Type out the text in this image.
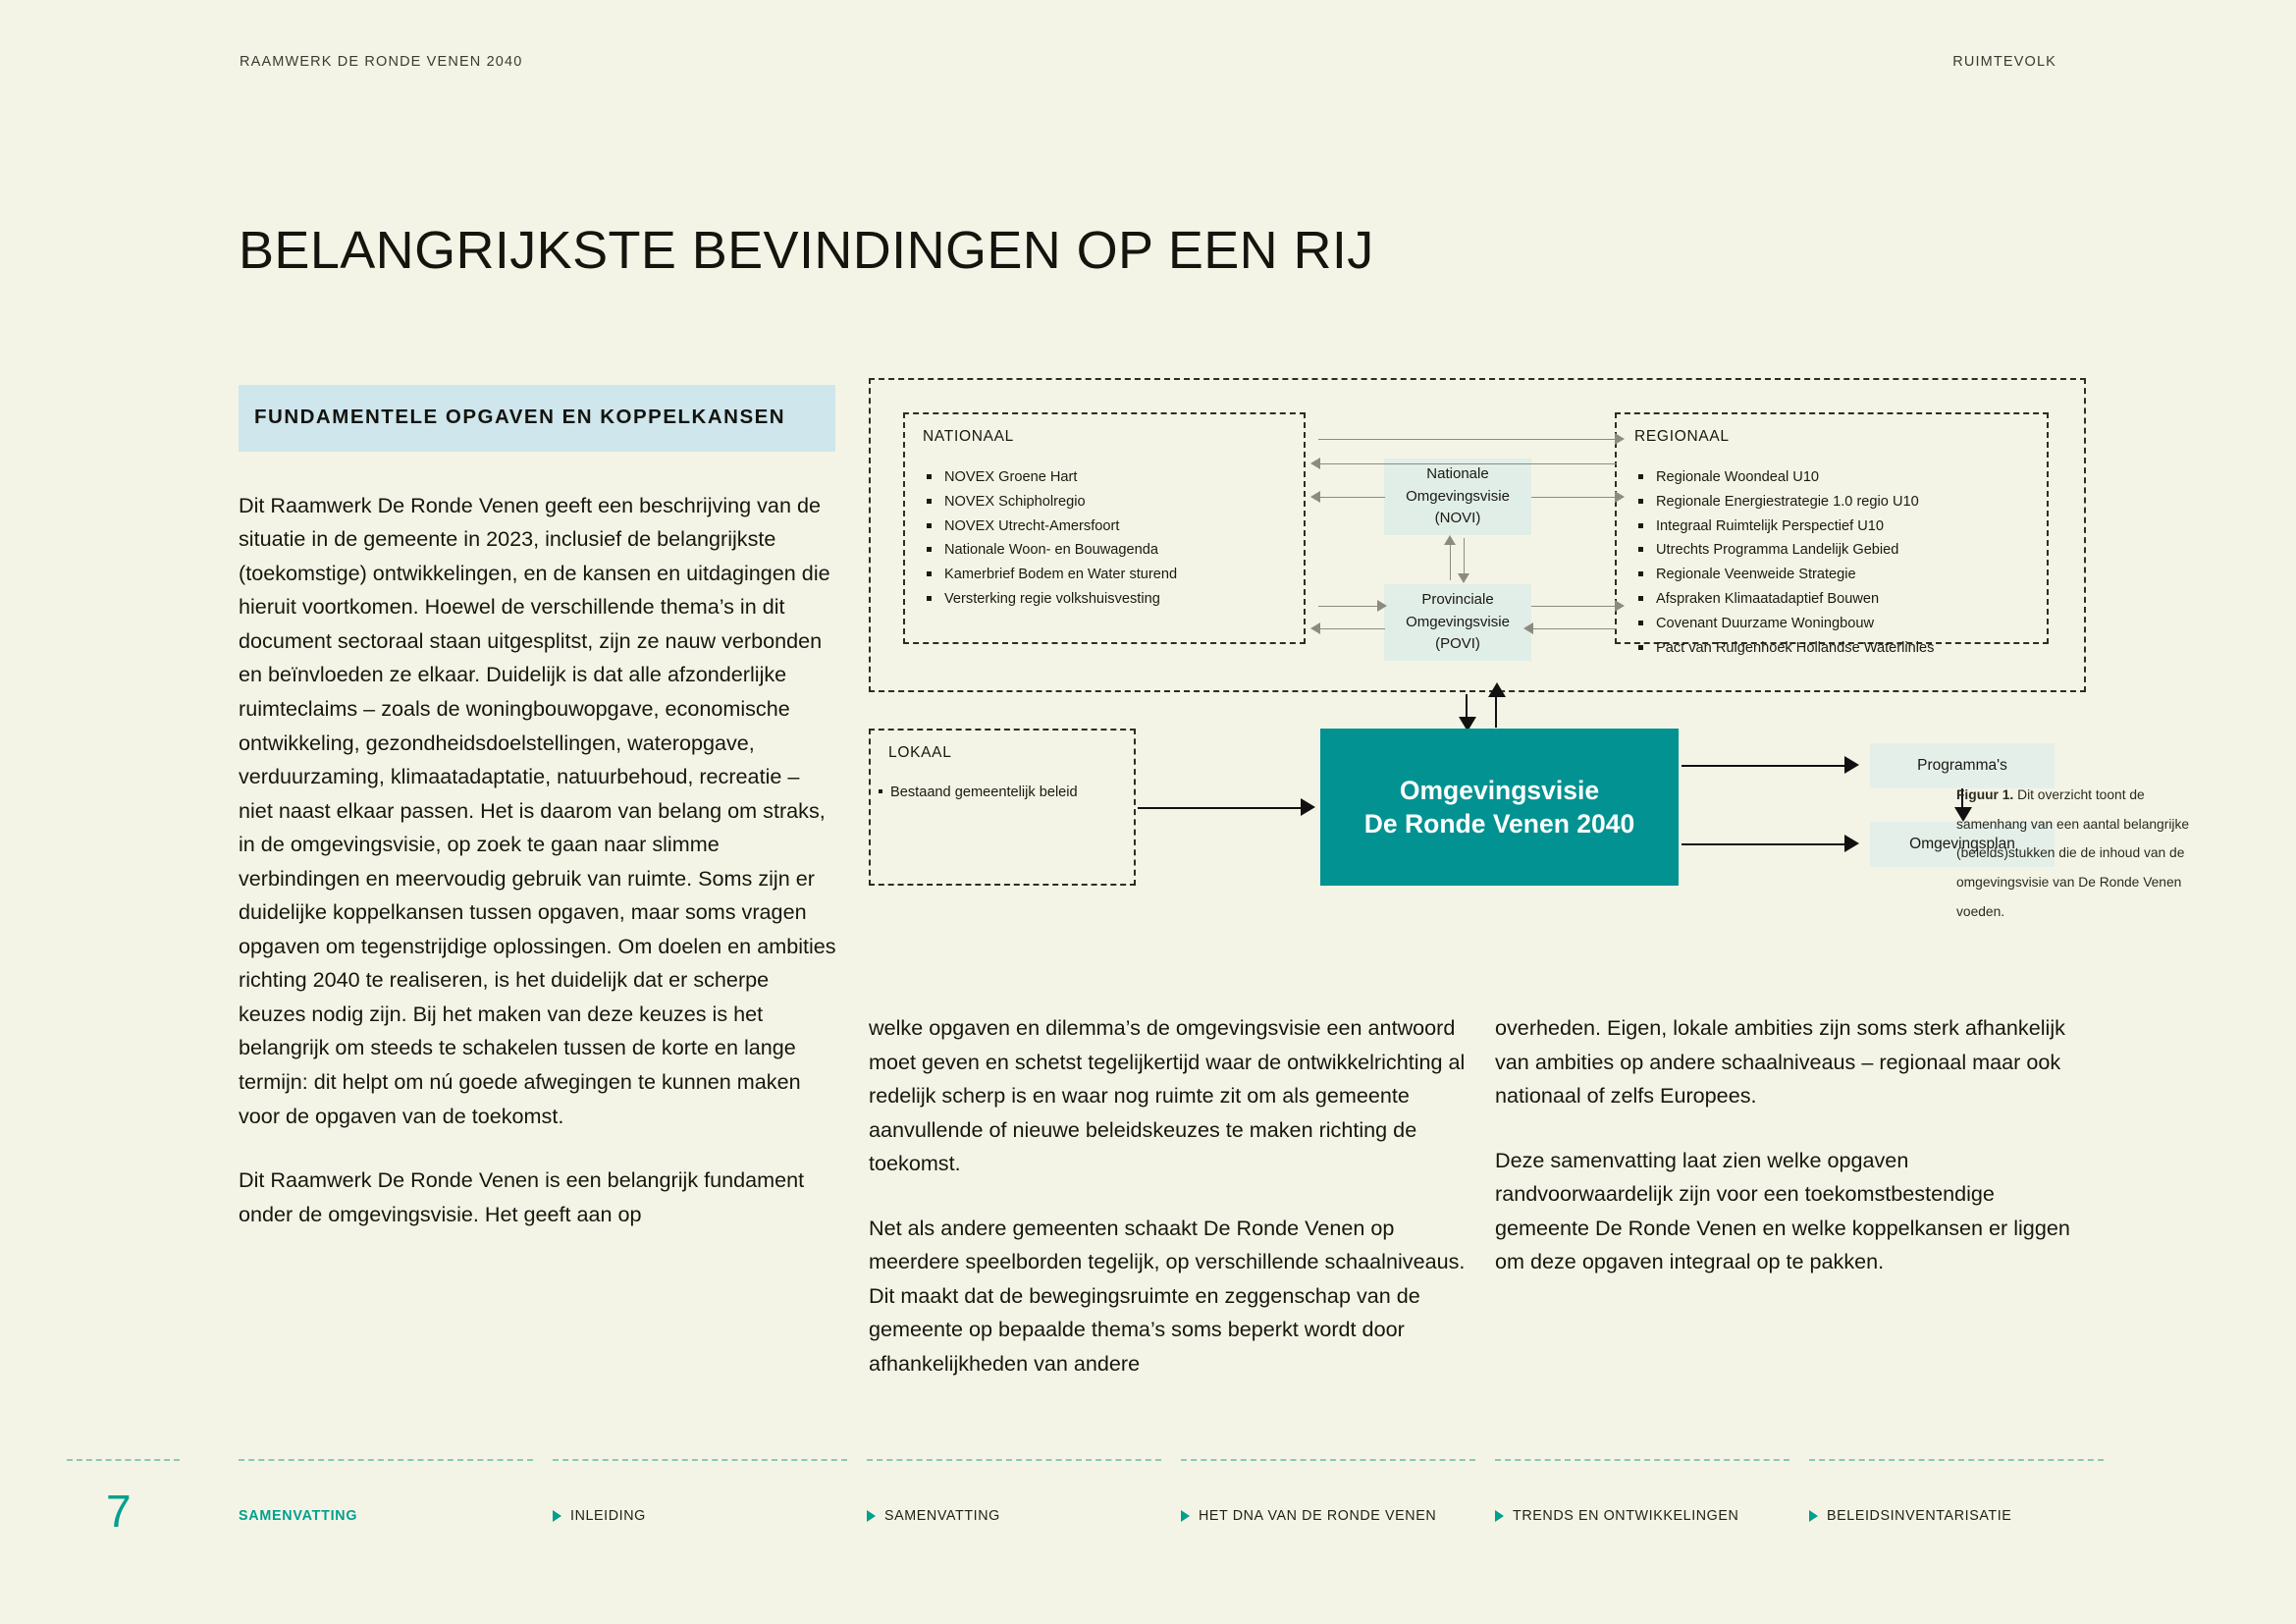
RAAMWERK DE RONDE VENEN 2040	RUIMTEVOLK
BELANGRIJKSTE BEVINDINGEN OP EEN RIJ
FUNDAMENTELE OPGAVEN EN KOPPELKANSEN

Dit Raamwerk De Ronde Venen geeft een beschrijving van de situatie in de gemeente in 2023, inclusief de belangrijkste (toekomstige) ontwikkelingen, en de kansen en uitdagingen die hieruit voortkomen. Hoewel de verschillende thema’s in dit document sectoraal staan uitgesplitst, zijn ze nauw verbonden en beïnvloeden ze elkaar. Duidelijk is dat alle afzonderlijke ruimteclaims – zoals de woningbouwopgave, economische ontwikkeling, gezondheidsdoelstellingen, wateropgave, verduurzaming, klimaatadaptatie, natuurbehoud, recreatie – niet naast elkaar passen. Het is daarom van belang om straks, in de omgevingsvisie, op zoek te gaan naar slimme verbindingen en meervoudig gebruik van ruimte. Soms zijn er duidelijke koppelkansen tussen opgaven, maar soms vragen opgaven om tegenstrijdige oplossingen. Om doelen en ambities richting 2040 te realiseren, is het duidelijk dat er scherpe keuzes nodig zijn. Bij het maken van deze keuzes is het belangrijk om steeds te schakelen tussen de korte en lange termijn: dit helpt om nú goede afwegingen te kunnen maken voor de opgaven van de toekomst.

Dit Raamwerk De Ronde Venen is een belangrijk fundament onder de omgevingsvisie. Het geeft aan op

welke opgaven en dilemma’s de omgevingsvisie een antwoord moet geven en schetst tegelijkertijd waar de ontwikkelrichting al redelijk scherp is en waar nog ruimte zit om als gemeente aanvullende of nieuwe beleidskeuzes te maken richting de toekomst.

Net als andere gemeenten schaakt De Ronde Venen op meerdere speelborden tegelijk, op verschillende schaalniveaus. Dit maakt dat de bewegingsruimte en zeggenschap van de gemeente op bepaalde thema’s soms beperkt wordt door afhankelijkheden van andere

overheden. Eigen, lokale ambities zijn soms sterk afhankelijk van ambities op andere schaalniveaus – regionaal maar ook nationaal of zelfs Europees.

Deze samenvatting laat zien welke opgaven randvoorwaardelijk zijn voor een toekomstbestendige gemeente De Ronde Venen en welke koppelkansen er liggen om deze opgaven integraal op te pakken.

NATIONAAL
NOVEX Groene Hart
NOVEX Schipholregio
NOVEX Utrecht-Amersfoort
Nationale Woon- en Bouwagenda
Kamerbrief Bodem en Water sturend
Versterking regie volkshuisvesting
REGIONAAL
Regionale Woondeal U10
Regionale Energiestrategie 1.0 regio U10
Integraal Ruimtelijk Perspectief U10
Utrechts Programma Landelijk Gebied
Regionale Veenweide Strategie
Afspraken Klimaatadaptief Bouwen
Covenant Duurzame Woningbouw
Pact van Ruigenhoek Hollandse Waterlinies
Nationale Omgevingsvisie (NOVI)
Provinciale Omgevingsvisie (POVI)
LOKAAL
Bestaand gemeentelijk beleid	Omgevingsvisie
De Ronde Venen 2040
Programma's
Omgevingsplan
Figuur 1. Dit overzicht toont de samenhang van een aantal belangrijke (beleids)stukken die de inhoud van de omgevingsvisie van De Ronde Venen voeden.
7	SAMENVATTING	INLEIDING	SAMENVATTING	HET DNA VAN DE RONDE VENEN	TRENDS EN ONTWIKKELINGEN	BELEIDSINVENTARISATIE
